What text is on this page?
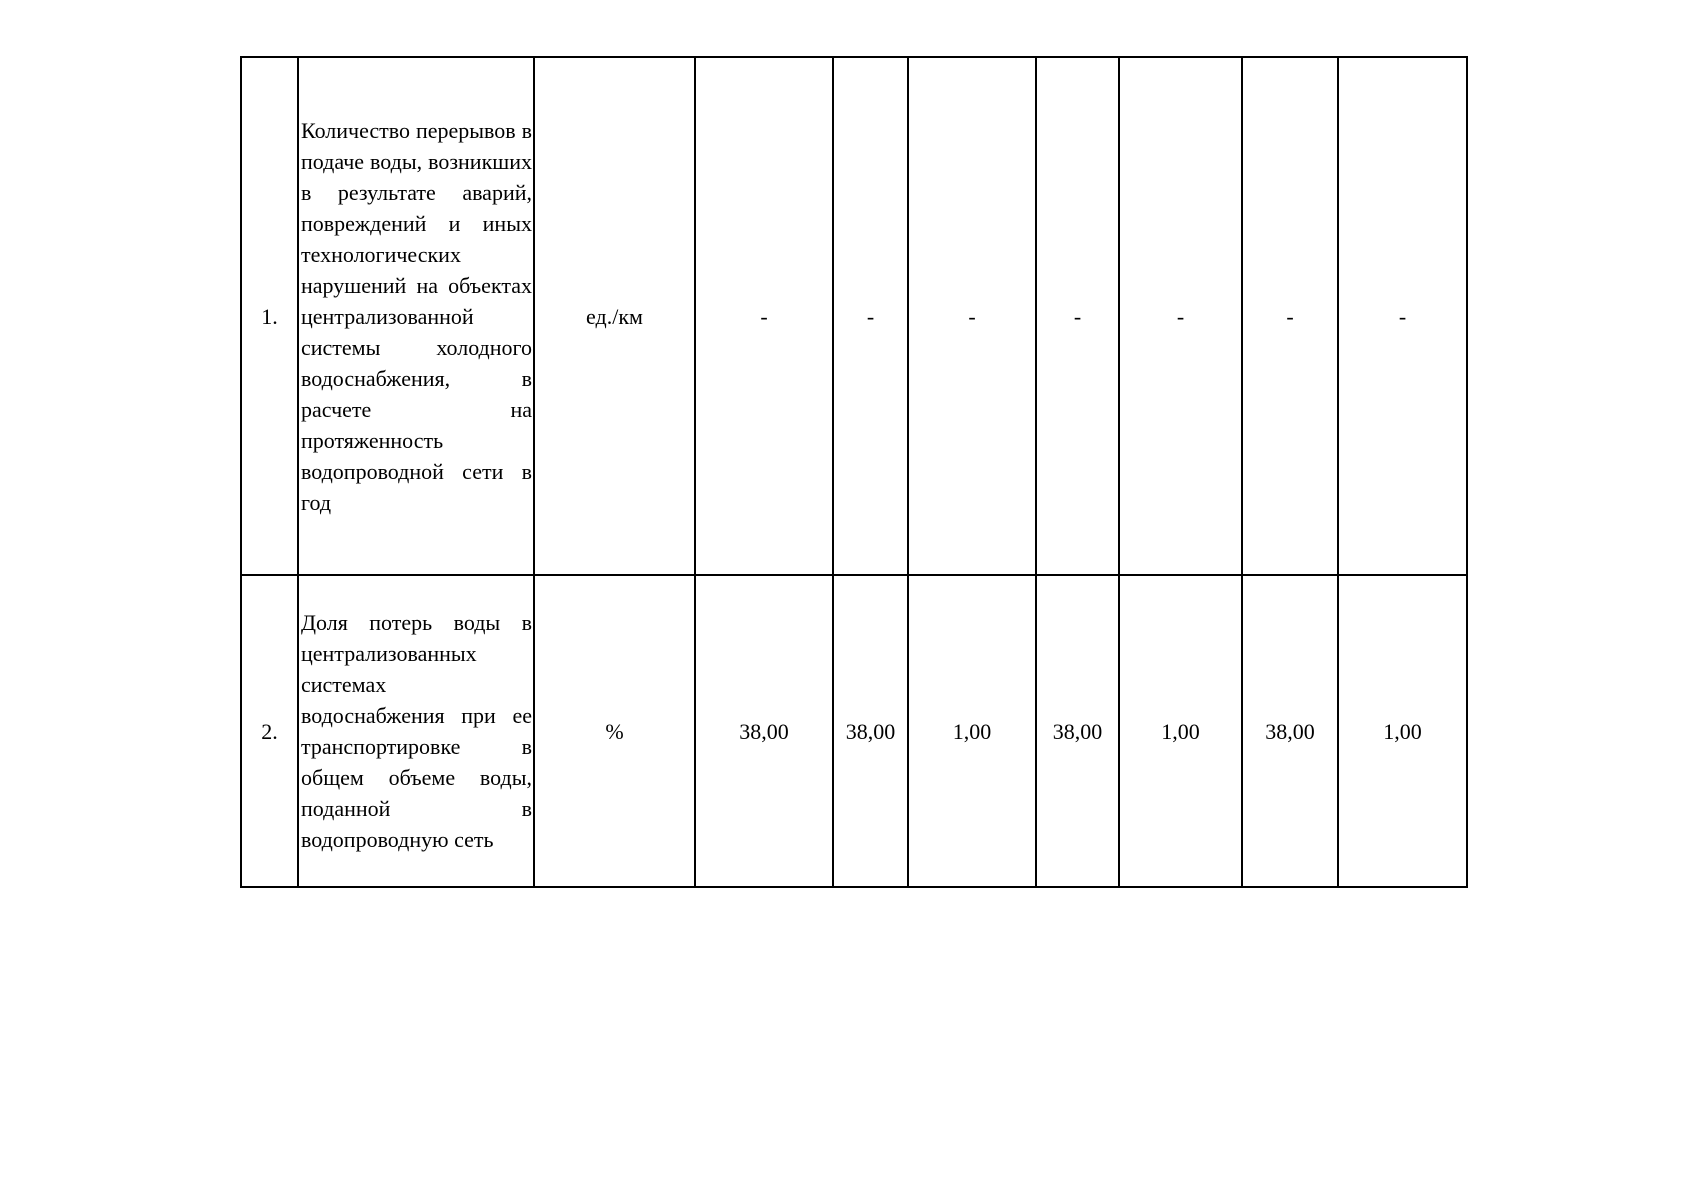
1.	Количество перерывов в подаче воды, возникших в результате аварий, повреждений и иных технологических нарушений на объектах централизованной системы холодного водоснабжения, в расчете на протяженность водопроводной сети в год	ед./км	-	-	-	-	-	-	-
2.	Доля потерь воды в централизованных системах водоснабжения при ее транспортировке в общем объеме воды, поданной в водопроводную сеть	%	38,00	38,00	1,00	38,00	1,00	38,00	1,00
